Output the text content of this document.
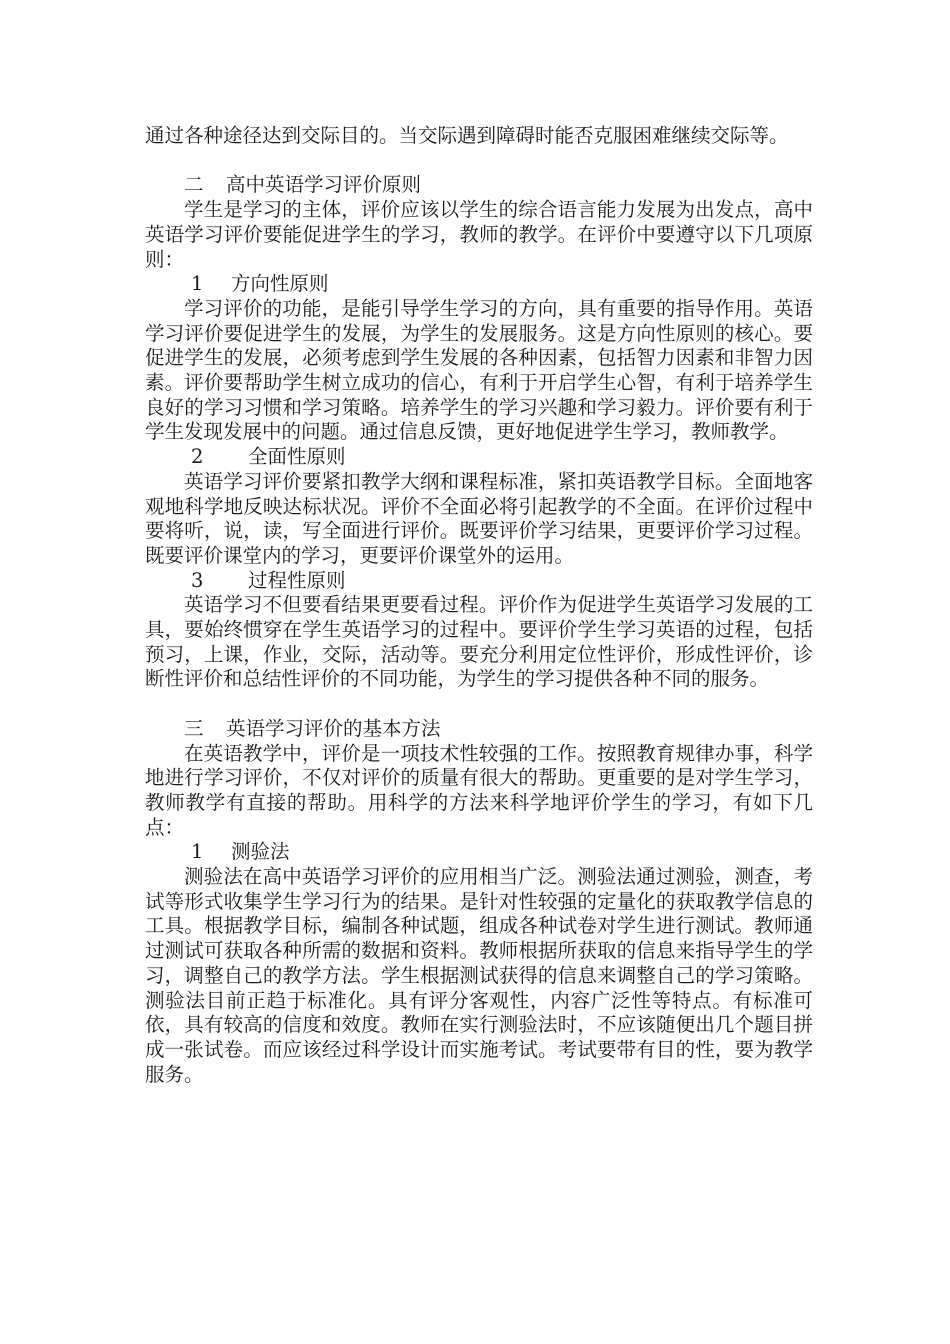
通过各种途径达到交际目的。当交际遇到障碍时能否克服困难继续交际等。

二 高中英语学习评价原则

学生是学习的主体，评价应该以学生的综合语言能力发展为出发点，高中英语学习评价要能促进学生的学习，教师的教学。在评价中要遵守以下几项原则：

1 方向性原则

学习评价的功能，是能引导学生学习的方向，具有重要的指导作用。英语学习评价要促进学生的发展，为学生的发展服务。这是方向性原则的核心。要促进学生的发展，必须考虑到学生发展的各种因素，包括智力因素和非智力因素。评价要帮助学生树立成功的信心，有利于开启学生心智，有利于培养学生良好的学习习惯和学习策略。培养学生的学习兴趣和学习毅力。评价要有利于学生发现发展中的问题。通过信息反馈，更好地促进学生学习，教师教学。

2 全面性原则

英语学习评价要紧扣教学大纲和课程标准，紧扣英语教学目标。全面地客观地科学地反映达标状况。评价不全面必将引起教学的不全面。在评价过程中要将听，说，读，写全面进行评价。既要评价学习结果，更要评价学习过程。既要评价课堂内的学习，更要评价课堂外的运用。

3 过程性原则

英语学习不但要看结果更要看过程。评价作为促进学生英语学习发展的工具，要始终惯穿在学生英语学习的过程中。要评价学生学习英语的过程，包括预习，上课，作业，交际，活动等。要充分利用定位性评价，形成性评价，诊断性评价和总结性评价的不同功能，为学生的学习提供各种不同的服务。

三 英语学习评价的基本方法

在英语教学中，评价是一项技术性较强的工作。按照教育规律办事，科学地进行学习评价，不仅对评价的质量有很大的帮助。更重要的是对学生学习，教师教学有直接的帮助。用科学的方法来科学地评价学生的学习，有如下几点：

1 测验法

测验法在高中英语学习评价的应用相当广泛。测验法通过测验，测查，考试等形式收集学生学习行为的结果。是针对性较强的定量化的获取教学信息的工具。根据教学目标，编制各种试题，组成各种试卷对学生进行测试。教师通过测试可获取各种所需的数据和资料。教师根据所获取的信息来指导学生的学习，调整自己的教学方法。学生根据测试获得的信息来调整自己的学习策略。测验法目前正趋于标准化。具有评分客观性，内容广泛性等特点。有标准可依，具有较高的信度和效度。教师在实行测验法时，不应该随便出几个题目拼成一张试卷。而应该经过科学设计而实施考试。考试要带有目的性，要为教学服务。
